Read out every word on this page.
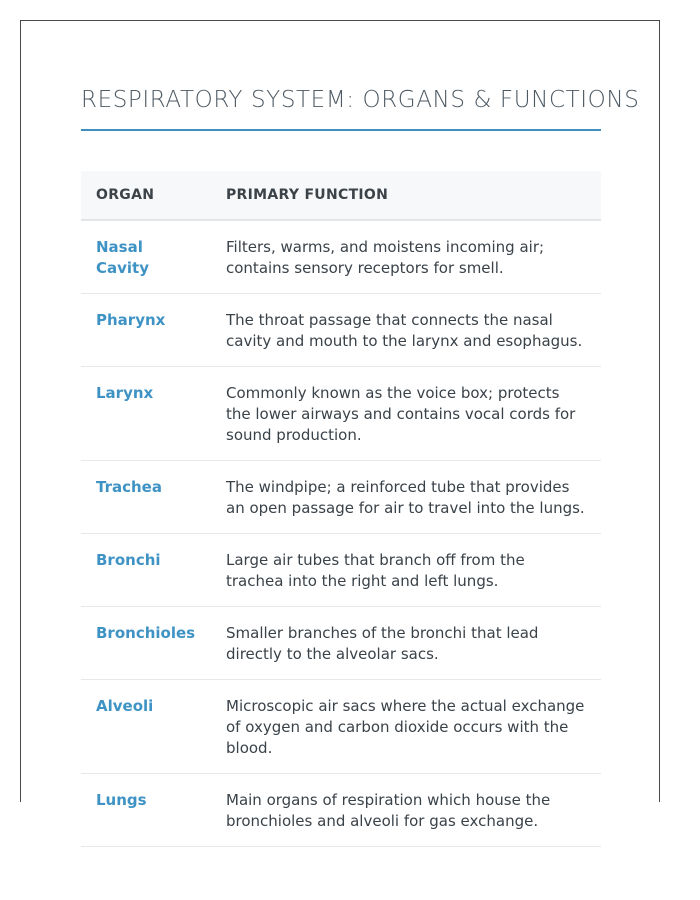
RESPIRATORY SYSTEM: ORGANS & FUNCTIONS
ORGAN	PRIMARY FUNCTION
Nasal Cavity	Filters, warms, and moistens incoming air; contains sensory receptors for smell.
Pharynx	The throat passage that connects the nasal cavity and mouth to the larynx and esophagus.
Larynx	Commonly known as the voice box; protects the lower airways and contains vocal cords for sound production.
Trachea	The windpipe; a reinforced tube that provides an open passage for air to travel into the lungs.
Bronchi	Large air tubes that branch off from the trachea into the right and left lungs.
Bronchioles	Smaller branches of the bronchi that lead directly to the alveolar sacs.
Alveoli	Microscopic air sacs where the actual exchange of oxygen and carbon dioxide occurs with the blood.
Lungs	Main organs of respiration which house the bronchioles and alveoli for gas exchange.
